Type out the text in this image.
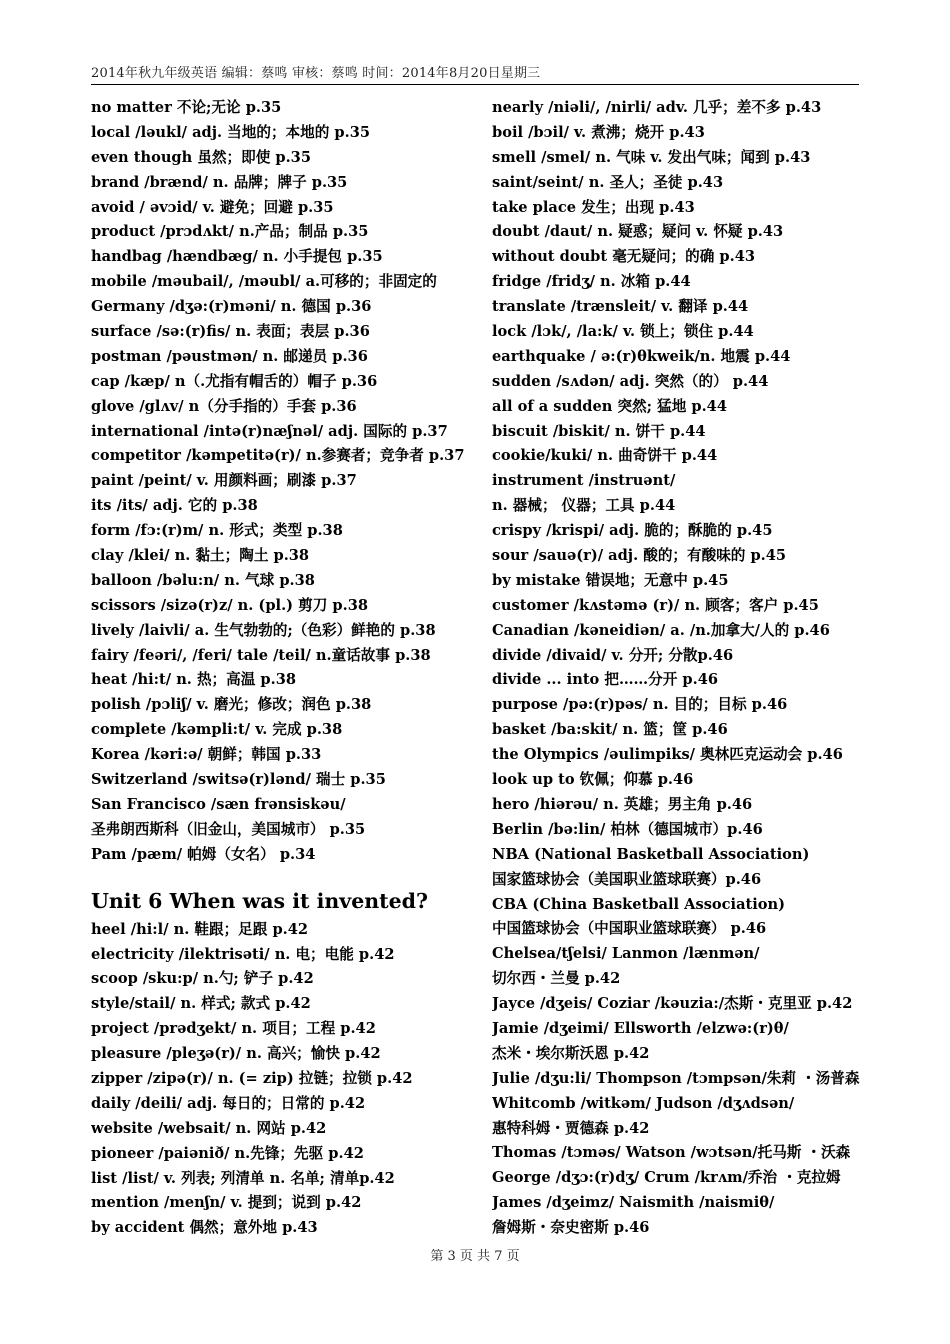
2014年秋九年级英语 编辑：蔡鸣 审核：蔡鸣 时间：2014年8月20日星期三
no matter 不论;无论 p.35
local /ləukl/ adj. 当地的；本地的 p.35
even though 虽然；即使 p.35
brand /brænd/ n. 品牌；牌子 p.35
avoid / əvɔid/ v. 避免；回避 p.35
product /prɔdʌkt/ n.产品；制品 p.35
handbag /hændbæg/ n. 小手提包 p.35
mobile /məubail/, /məubl/ a.可移的；非固定的
Germany /dʒə:(r)məni/ n. 德国 p.36
surface /sə:(r)fis/ n. 表面；表层 p.36
postman /pəustmən/ n. 邮递员 p.36
cap /kæp/ n（.尤指有帽舌的）帽子 p.36
glove /glʌv/ n（分手指的）手套 p.36
international /intə(r)næʃnəl/ adj. 国际的 p.37
competitor /kəmpetitə(r)/ n.参赛者；竞争者 p.37
paint /peint/ v. 用颜料画；刷漆 p.37
its /its/ adj. 它的 p.38
form /fɔ:(r)m/ n. 形式；类型 p.38
clay /klei/ n. 黏土；陶土 p.38
balloon /bəlu:n/ n. 气球 p.38
scissors /sizə(r)z/ n. (pl.) 剪刀 p.38
lively /laivli/ a. 生气勃勃的;（色彩）鲜艳的 p.38
fairy /feəri/, /feri/ tale /teil/ n.童话故事 p.38
heat /hi:t/ n. 热；高温 p.38
polish /pɔliʃ/ v. 磨光；修改；润色 p.38
complete /kəmpli:t/ v. 完成 p.38
Korea /kəri:ə/ 朝鲜；韩国 p.33
Switzerland /switsə(r)lənd/ 瑞士 p.35
San Francisco /sæn frənsiskəu/
圣弗朗西斯科（旧金山，美国城市） p.35
Pam /pæm/ 帕姆（女名） p.34
Unit 6 When was it invented?
heel /hi:l/ n. 鞋跟；足跟 p.42
electricity /ilektrisəti/ n. 电；电能 p.42
scoop /sku:p/ n.勺; 铲子 p.42
style/stail/ n. 样式; 款式 p.42
project /prədʒekt/ n. 项目；工程 p.42
pleasure /pleʒə(r)/ n. 高兴；愉快 p.42
zipper /zipə(r)/ n. (= zip) 拉链；拉锁 p.42
daily /deili/ adj. 每日的；日常的 p.42
website /websait/ n. 网站 p.42
pioneer /paiənið/ n.先锋；先驱 p.42
list /list/ v. 列表; 列清单 n. 名单; 清单p.42
mention /menʃn/ v. 提到；说到 p.42
by accident 偶然；意外地 p.43
nearly /niəli/, /nirli/ adv. 几乎；差不多 p.43
boil /bɔil/ v. 煮沸；烧开 p.43
smell /smel/ n. 气味 v. 发出气味；闻到 p.43
saint/seint/ n. 圣人；圣徒 p.43
take place 发生；出现 p.43
doubt /daut/ n. 疑惑；疑问 v. 怀疑 p.43
without doubt 毫无疑问；的确 p.43
fridge /fridʒ/ n. 冰箱 p.44
translate /trænsleit/ v. 翻译 p.44
lock /lɔk/, /la:k/ v. 锁上；锁住 p.44
earthquake / ə:(r)θkweik/n. 地震 p.44
sudden /sʌdən/ adj. 突然（的） p.44
all of a sudden 突然; 猛地 p.44
biscuit /biskit/ n. 饼干 p.44
cookie/kuki/ n. 曲奇饼干 p.44
instrument /instruənt/
n. 器械； 仪器；工具 p.44
crispy /krispi/ adj. 脆的；酥脆的 p.45
sour /sauə(r)/ adj. 酸的；有酸味的 p.45
by mistake 错误地；无意中 p.45
customer /kʌstəmə (r)/ n. 顾客；客户 p.45
Canadian /kəneidiən/ a. /n.加拿大/人的 p.46
divide /divaid/ v. 分开; 分散p.46
divide ... into 把……分开 p.46
purpose /pə:(r)pəs/ n. 目的；目标 p.46
basket /ba:skit/ n. 篮；筐 p.46
the Olympics /əulimpiks/ 奥林匹克运动会 p.46
look up to 钦佩；仰慕 p.46
hero /hiərəu/ n. 英雄；男主角 p.46
Berlin /bə:lin/ 柏林（德国城市）p.46
NBA (National Basketball Association)
国家篮球协会（美国职业篮球联赛）p.46
CBA (China Basketball Association)
中国篮球协会（中国职业篮球联赛） p.46
Chelsea/tʃelsi/ Lanmon /lænmən/
切尔西・兰曼 p.42
Jayce /dʒeis/ Coziar /kəuzia:/杰斯・克里亚 p.42
Jamie /dʒeimi/ Ellsworth /elzwə:(r)θ/
杰米・埃尔斯沃恩 p.42
Julie /dʒu:li/ Thompson /tɔmpsən/朱莉 ・汤普森
Whitcomb /witkəm/ Judson /dʒʌdsən/
惠特科姆・贾德森 p.42
Thomas /tɔməs/ Watson /wɔtsən/托马斯 ・沃森
George /dʒɔ:(r)dʒ/ Crum /krʌm/乔治 ・克拉姆
James /dʒeimz/ Naismith /naismiθ/
詹姆斯・奈史密斯 p.46
第 3 页 共 7 页
